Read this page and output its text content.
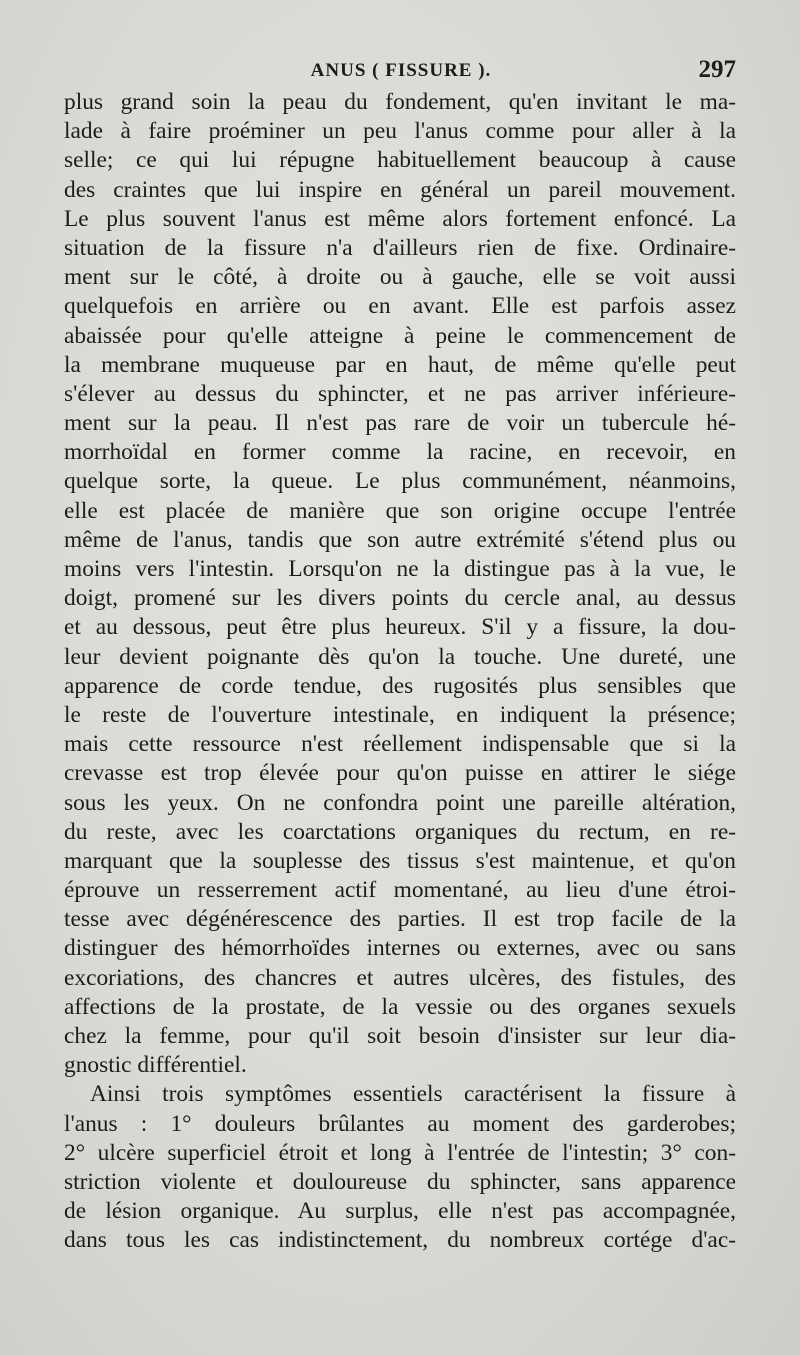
ANUS ( FISSURE ).	297
plus grand soin la peau du fondement, qu'en invitant le ma-
lade à faire proéminer un peu l'anus comme pour aller à la
selle; ce qui lui répugne habituellement beaucoup à cause
des craintes que lui inspire en général un pareil mouvement.
Le plus souvent l'anus est même alors fortement enfoncé. La
situation de la fissure n'a d'ailleurs rien de fixe. Ordinaire-
ment sur le côté, à droite ou à gauche, elle se voit aussi
quelquefois en arrière ou en avant. Elle est parfois assez
abaissée pour qu'elle atteigne à peine le commencement de
la membrane muqueuse par en haut, de même qu'elle peut
s'élever au dessus du sphincter, et ne pas arriver inférieure-
ment sur la peau. Il n'est pas rare de voir un tubercule hé-
morrhoïdal en former comme la racine, en recevoir, en
quelque sorte, la queue. Le plus communément, néanmoins,
elle est placée de manière que son origine occupe l'entrée
même de l'anus, tandis que son autre extrémité s'étend plus ou
moins vers l'intestin. Lorsqu'on ne la distingue pas à la vue, le
doigt, promené sur les divers points du cercle anal, au dessus
et au dessous, peut être plus heureux. S'il y a fissure, la dou-
leur devient poignante dès qu'on la touche. Une dureté, une
apparence de corde tendue, des rugosités plus sensibles que
le reste de l'ouverture intestinale, en indiquent la présence;
mais cette ressource n'est réellement indispensable que si la
crevasse est trop élevée pour qu'on puisse en attirer le siége
sous les yeux. On ne confondra point une pareille altération,
du reste, avec les coarctations organiques du rectum, en re-
marquant que la souplesse des tissus s'est maintenue, et qu'on
éprouve un resserrement actif momentané, au lieu d'une étroi-
tesse avec dégénérescence des parties. Il est trop facile de la
distinguer des hémorrhoïdes internes ou externes, avec ou sans
excoriations, des chancres et autres ulcères, des fistules, des
affections de la prostate, de la vessie ou des organes sexuels
chez la femme, pour qu'il soit besoin d'insister sur leur dia-
gnostic différentiel.
Ainsi trois symptômes essentiels caractérisent la fissure à
l'anus : 1° douleurs brûlantes au moment des garderobes;
2° ulcère superficiel étroit et long à l'entrée de l'intestin; 3° con-
striction violente et douloureuse du sphincter, sans apparence
de lésion organique. Au surplus, elle n'est pas accompagnée,
dans tous les cas indistinctement, du nombreux cortége d'ac-
